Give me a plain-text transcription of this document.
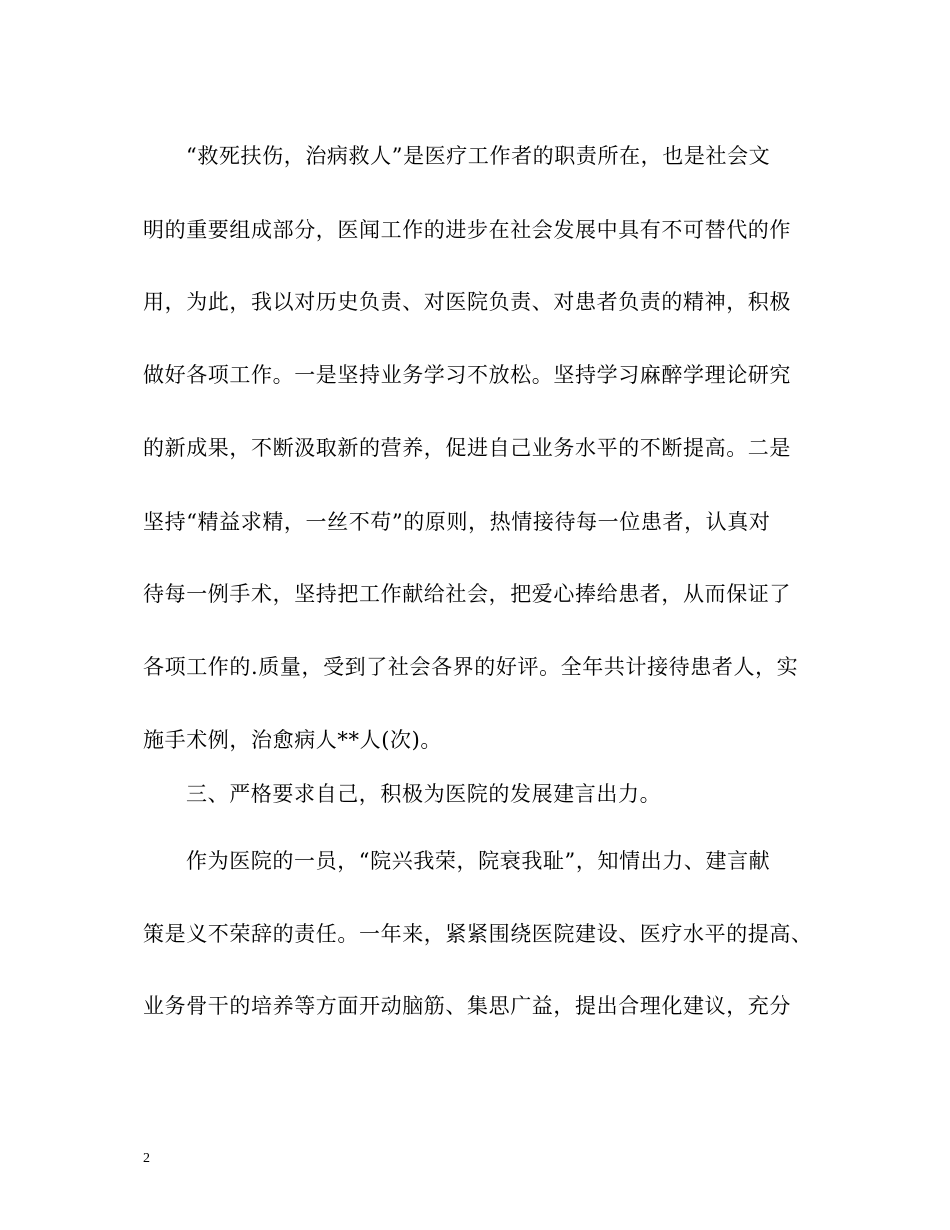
“救死扶伤，治病救人”是医疗工作者的职责所在，也是社会文
明的重要组成部分，医闻工作的进步在社会发展中具有不可替代的作
用，为此，我以对历史负责、对医院负责、对患者负责的精神，积极
做好各项工作。一是坚持业务学习不放松。坚持学习麻醉学理论研究
的新成果，不断汲取新的营养，促进自己业务水平的不断提高。二是
坚持“精益求精，一丝不苟”的原则，热情接待每一位患者，认真对
待每一例手术，坚持把工作献给社会，把爱心捧给患者，从而保证了
各项工作的.质量，受到了社会各界的好评。全年共计接待患者人，实
施手术例，治愈病人**人(次)。
三、严格要求自己，积极为医院的发展建言出力。
作为医院的一员，“院兴我荣，院衰我耻”，知情出力、建言献
策是义不荣辞的责任。一年来，紧紧围绕医院建设、医疗水平的提高、
业务骨干的培养等方面开动脑筋、集思广益，提出合理化建议，充分
2
